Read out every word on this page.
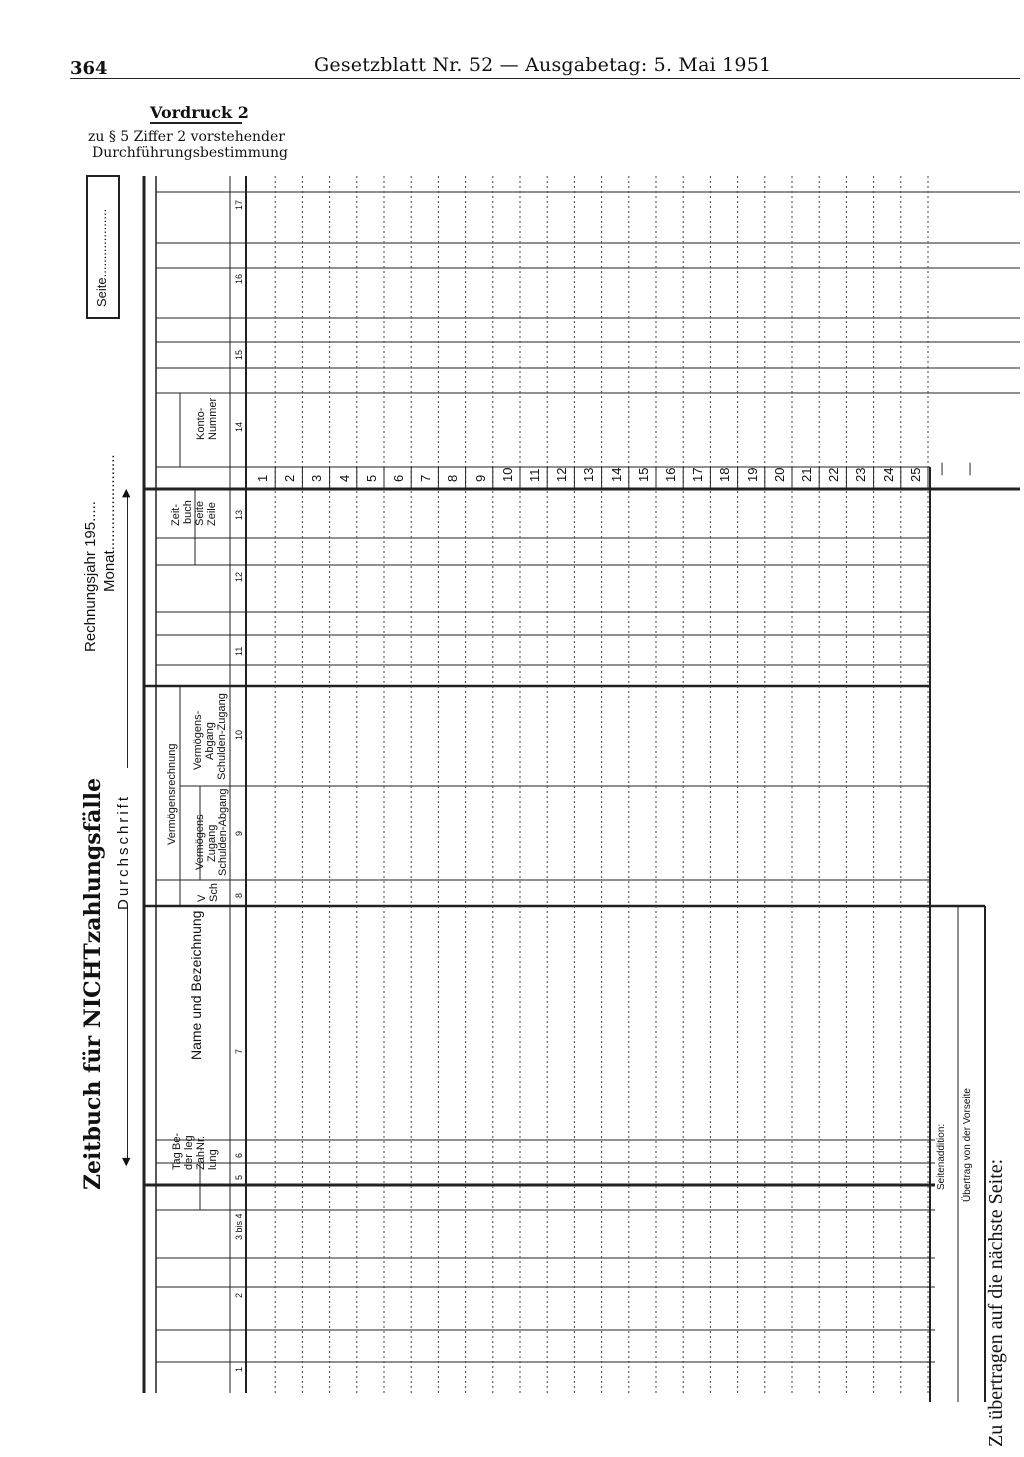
364	Gesetzblatt Nr. 52 — Ausgabetag: 5. Mai 1951
Vordruck 2
zu § 5 Ziffer 2 vorstehender
Durchführungsbestimmung
Seite...................
Rechnungsjahr 195..... Monat.......................
Zeitbuch für NICHTzahlungsfälle
▲
▼
Durchschrift
Tag der Zah- lung
Be- leg Nr.
Name und Bezeichnung
V Sch
Vermögensrechnung Vermögens- Zugang Schulden-Abgang
Vermögens- Abgang Schulden-Zugang
Zeit- buch Seite Zeile
Konto- Nummer
1
2
3 bis 4
5
6
7
8
9
10
11
12
13
14
15
16
17
1 2 3 4 5 6 7 8 9 10 11 12 13 14 15 16 17 18 19 20 21 22 23 24 25
Seitenaddition: Übertrag von der Vorseite
— —
Zu übertragen auf die nächste Seite:
